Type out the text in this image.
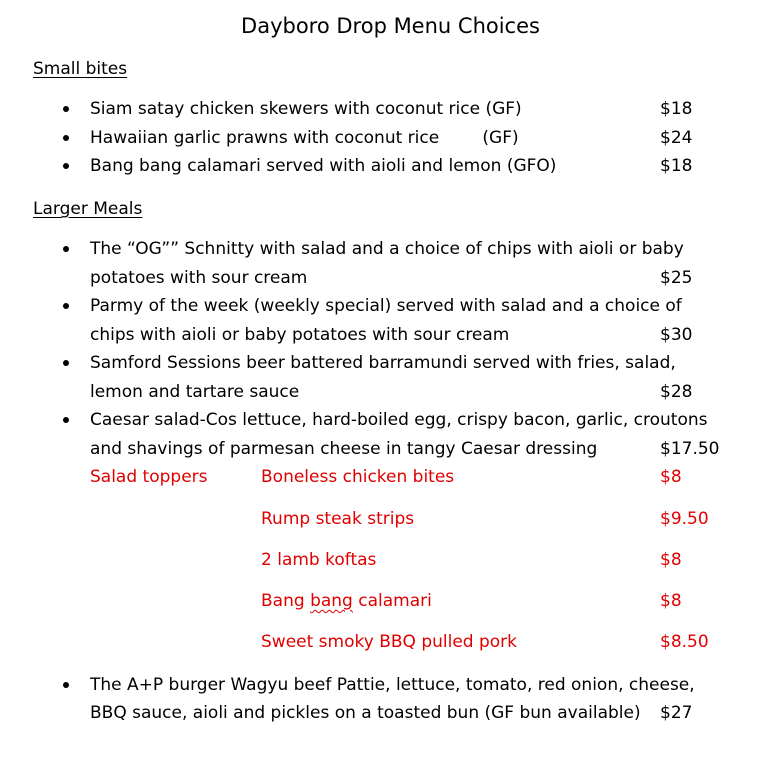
Dayboro Drop Menu Choices
Small bites
Siam satay chicken skewers with coconut rice (GF)	$18
Hawaiian garlic prawns with coconut rice        (GF)	$24
Bang bang calamari served with aioli and lemon (GFO)	$18
Larger Meals
The “OG”” Schnitty with salad and a choice of chips with aioli or baby
potatoes with sour cream	$25
Parmy of the week (weekly special) served with salad and a choice of
chips with aioli or baby potatoes with sour cream	$30
Samford Sessions beer battered barramundi served with fries, salad,
lemon and tartare sauce	$28
Caesar salad-Cos lettuce, hard-boiled egg, crispy bacon, garlic, croutons
and shavings of parmesan cheese in tangy Caesar dressing	$17.50
Salad toppers	Boneless chicken bites	$8
Rump steak strips	$9.50
2 lamb koftas	$8
Bang bang calamari	$8
Sweet smoky BBQ pulled pork	$8.50
The A+P burger Wagyu beef Pattie, lettuce, tomato, red onion, cheese,
BBQ sauce, aioli and pickles on a toasted bun (GF bun available) $27
